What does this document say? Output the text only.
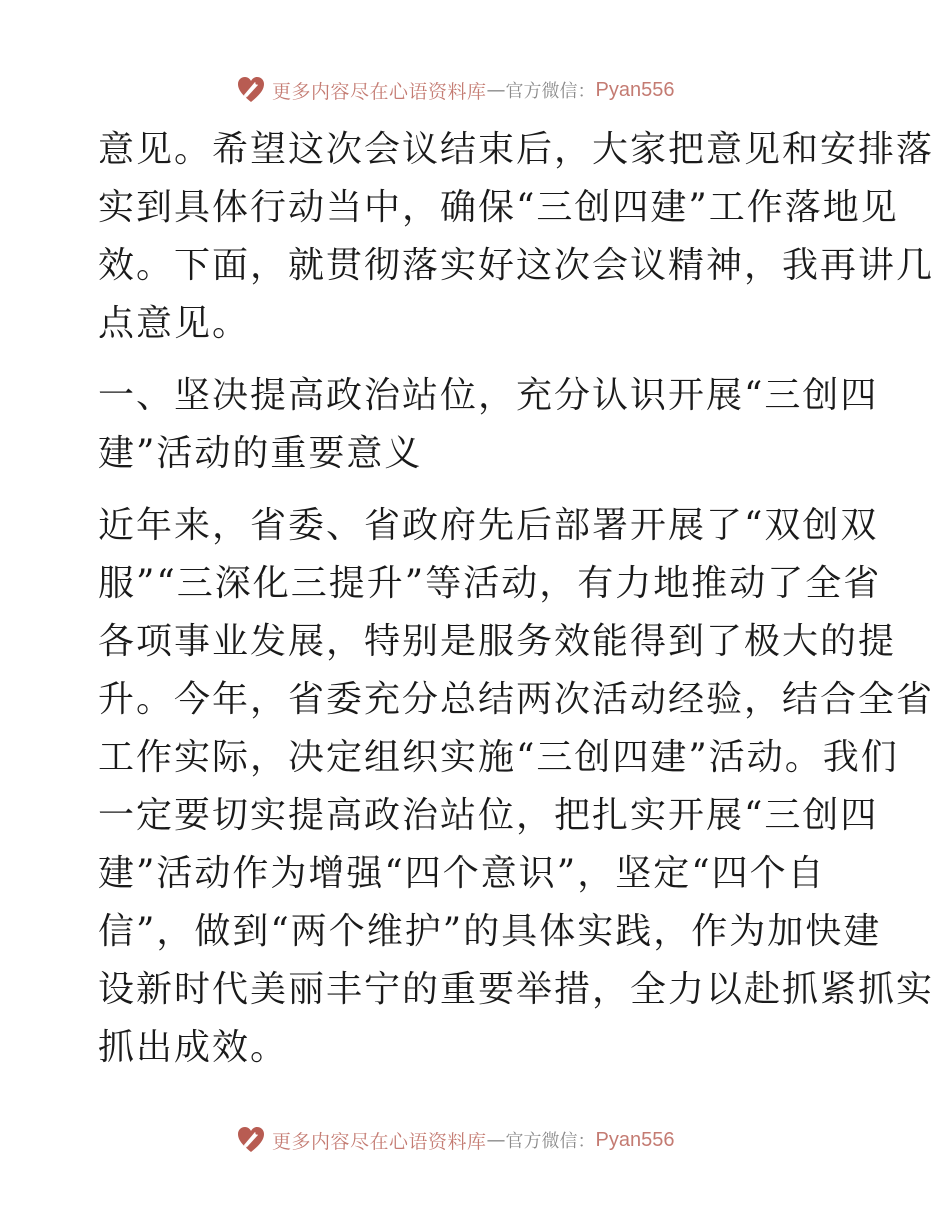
更多内容尽在心语资料库 — 官方微信： Pyan556
意见。希望这次会议结束后，大家把意见和安排落
实到具体行动当中，确保“三创四建”工作落地见
效。下面，就贯彻落实好这次会议精神，我再讲几
点意见。
一、坚决提高政治站位，充分认识开展“三创四
建”活动的重要意义
近年来，省委、省政府先后部署开展了“双创双
服”“三深化三提升”等活动，有力地推动了全省
各项事业发展，特别是服务效能得到了极大的提
升。今年，省委充分总结两次活动经验，结合全省
工作实际，决定组织实施“三创四建”活动。我们
一定要切实提高政治站位，把扎实开展“三创四
建”活动作为增强“四个意识”，坚定“四个自
信”，做到“两个维护”的具体实践，作为加快建
设新时代美丽丰宁的重要举措，全力以赴抓紧抓实
抓出成效。
更多内容尽在心语资料库 — 官方微信： Pyan556
